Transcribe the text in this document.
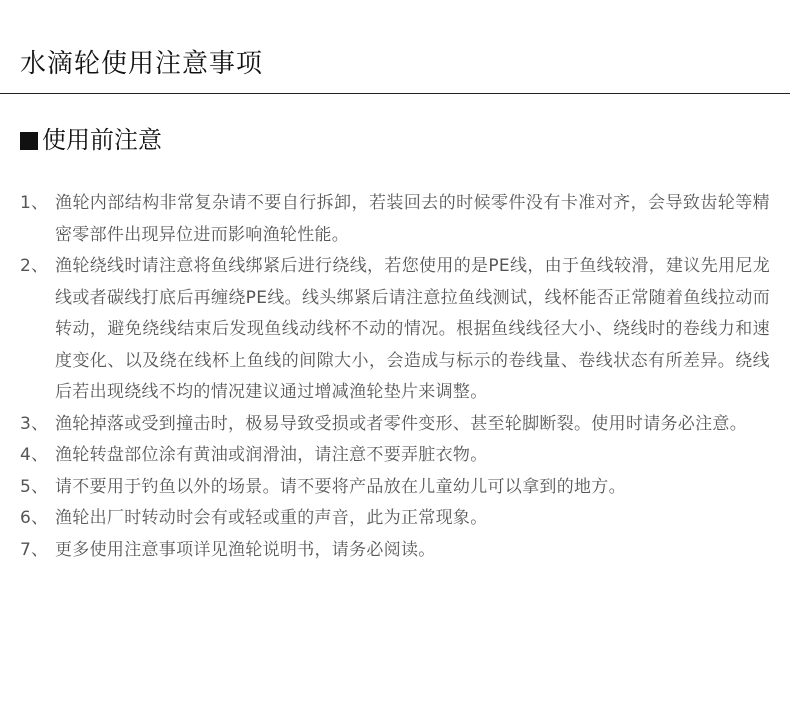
水滴轮使用注意事项
使用前注意
1、 渔轮内部结构非常复杂请不要自行拆卸，若装回去的时候零件没有卡准对齐，会导致齿轮等精密零部件出现异位进而影响渔轮性能。
2、 渔轮绕线时请注意将鱼线绑紧后进行绕线，若您使用的是PE线，由于鱼线较滑，建议先用尼龙线或者碳线打底后再缠绕PE线。线头绑紧后请注意拉鱼线测试，线杯能否正常随着鱼线拉动而转动，避免绕线结束后发现鱼线动线杯不动的情况。根据鱼线线径大小、绕线时的卷线力和速度变化、以及绕在线杯上鱼线的间隙大小，会造成与标示的卷线量、卷线状态有所差异。绕线后若出现绕线不均的情况建议通过增减渔轮垫片来调整。
3、 渔轮掉落或受到撞击时，极易导致受损或者零件变形、甚至轮脚断裂。使用时请务必注意。
4、 渔轮转盘部位涂有黄油或润滑油，请注意不要弄脏衣物。
5、 请不要用于钓鱼以外的场景。请不要将产品放在儿童幼儿可以拿到的地方。
6、 渔轮出厂时转动时会有或轻或重的声音，此为正常现象。
7、 更多使用注意事项详见渔轮说明书，请务必阅读。
